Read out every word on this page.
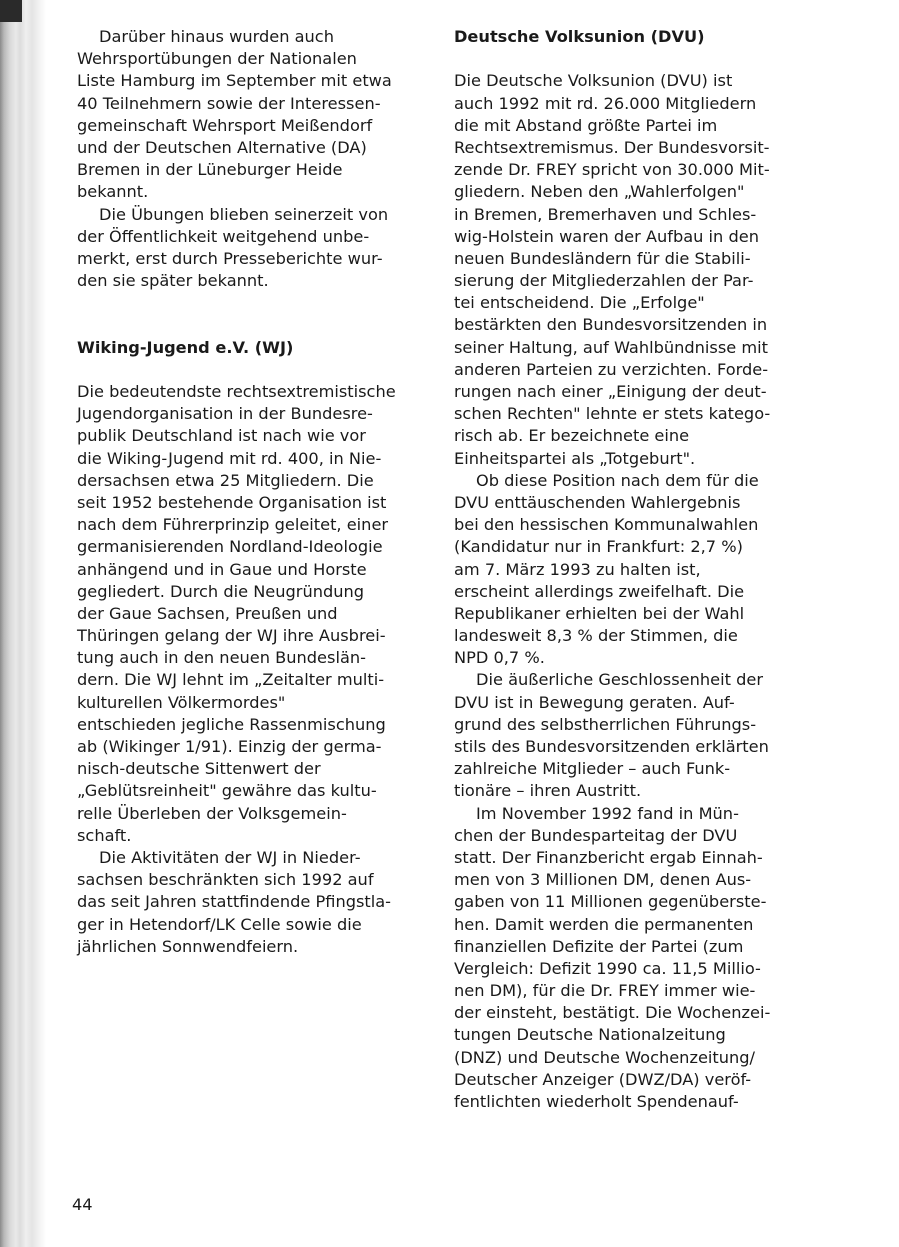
Darüber hinaus wurden auch
Wehrsportübungen der Nationalen
Liste Hamburg im September mit etwa
40 Teilnehmern sowie der Interessen-
gemeinschaft Wehrsport Meißendorf
und der Deutschen Alternative (DA)
Bremen in der Lüneburger Heide
bekannt.
Die Übungen blieben seinerzeit von
der Öffentlichkeit weitgehend unbe-
merkt, erst durch Presseberichte wur-
den sie später bekannt.
Wiking-Jugend e.V. (WJ)
Die bedeutendste rechtsextremistische
Jugendorganisation in der Bundesre-
publik Deutschland ist nach wie vor
die Wiking-Jugend mit rd. 400, in Nie-
dersachsen etwa 25 Mitgliedern. Die
seit 1952 bestehende Organisation ist
nach dem Führerprinzip geleitet, einer
germanisierenden Nordland-Ideologie
anhängend und in Gaue und Horste
gegliedert. Durch die Neugründung
der Gaue Sachsen, Preußen und
Thüringen gelang der WJ ihre Ausbrei-
tung auch in den neuen Bundeslän-
dern. Die WJ lehnt im „Zeitalter multi-
kulturellen Völkermordes"
entschieden jegliche Rassenmischung
ab (Wikinger 1/91). Einzig der germa-
nisch-deutsche Sittenwert der
„Geblütsreinheit" gewähre das kultu-
relle Überleben der Volksgemein-
schaft.
Die Aktivitäten der WJ in Nieder-
sachsen beschränkten sich 1992 auf
das seit Jahren stattfindende Pfingstla-
ger in Hetendorf/LK Celle sowie die
jährlichen Sonnwendfeiern.
Deutsche Volksunion (DVU)
Die Deutsche Volksunion (DVU) ist
auch 1992 mit rd. 26.000 Mitgliedern
die mit Abstand größte Partei im
Rechtsextremismus. Der Bundesvorsit-
zende Dr. FREY spricht von 30.000 Mit-
gliedern. Neben den „Wahlerfolgen"
in Bremen, Bremerhaven und Schles-
wig-Holstein waren der Aufbau in den
neuen Bundesländern für die Stabili-
sierung der Mitgliederzahlen der Par-
tei entscheidend. Die „Erfolge"
bestärkten den Bundesvorsitzenden in
seiner Haltung, auf Wahlbündnisse mit
anderen Parteien zu verzichten. Forde-
rungen nach einer „Einigung der deut-
schen Rechten" lehnte er stets katego-
risch ab. Er bezeichnete eine
Einheitspartei als „Totgeburt".
Ob diese Position nach dem für die
DVU enttäuschenden Wahlergebnis
bei den hessischen Kommunalwahlen
(Kandidatur nur in Frankfurt: 2,7 %)
am 7. März 1993 zu halten ist,
erscheint allerdings zweifelhaft. Die
Republikaner erhielten bei der Wahl
landesweit 8,3 % der Stimmen, die
NPD 0,7 %.
Die äußerliche Geschlossenheit der
DVU ist in Bewegung geraten. Auf-
grund des selbstherrlichen Führungs-
stils des Bundesvorsitzenden erklärten
zahlreiche Mitglieder – auch Funk-
tionäre – ihren Austritt.
Im November 1992 fand in Mün-
chen der Bundesparteitag der DVU
statt. Der Finanzbericht ergab Einnah-
men von 3 Millionen DM, denen Aus-
gaben von 11 Millionen gegenüberste-
hen. Damit werden die permanenten
finanziellen Defizite der Partei (zum
Vergleich: Defizit 1990 ca. 11,5 Millio-
nen DM), für die Dr. FREY immer wie-
der einsteht, bestätigt. Die Wochenzei-
tungen Deutsche Nationalzeitung
(DNZ) und Deutsche Wochenzeitung/
Deutscher Anzeiger (DWZ/DA) veröf-
fentlichten wiederholt Spendenauf-
44
